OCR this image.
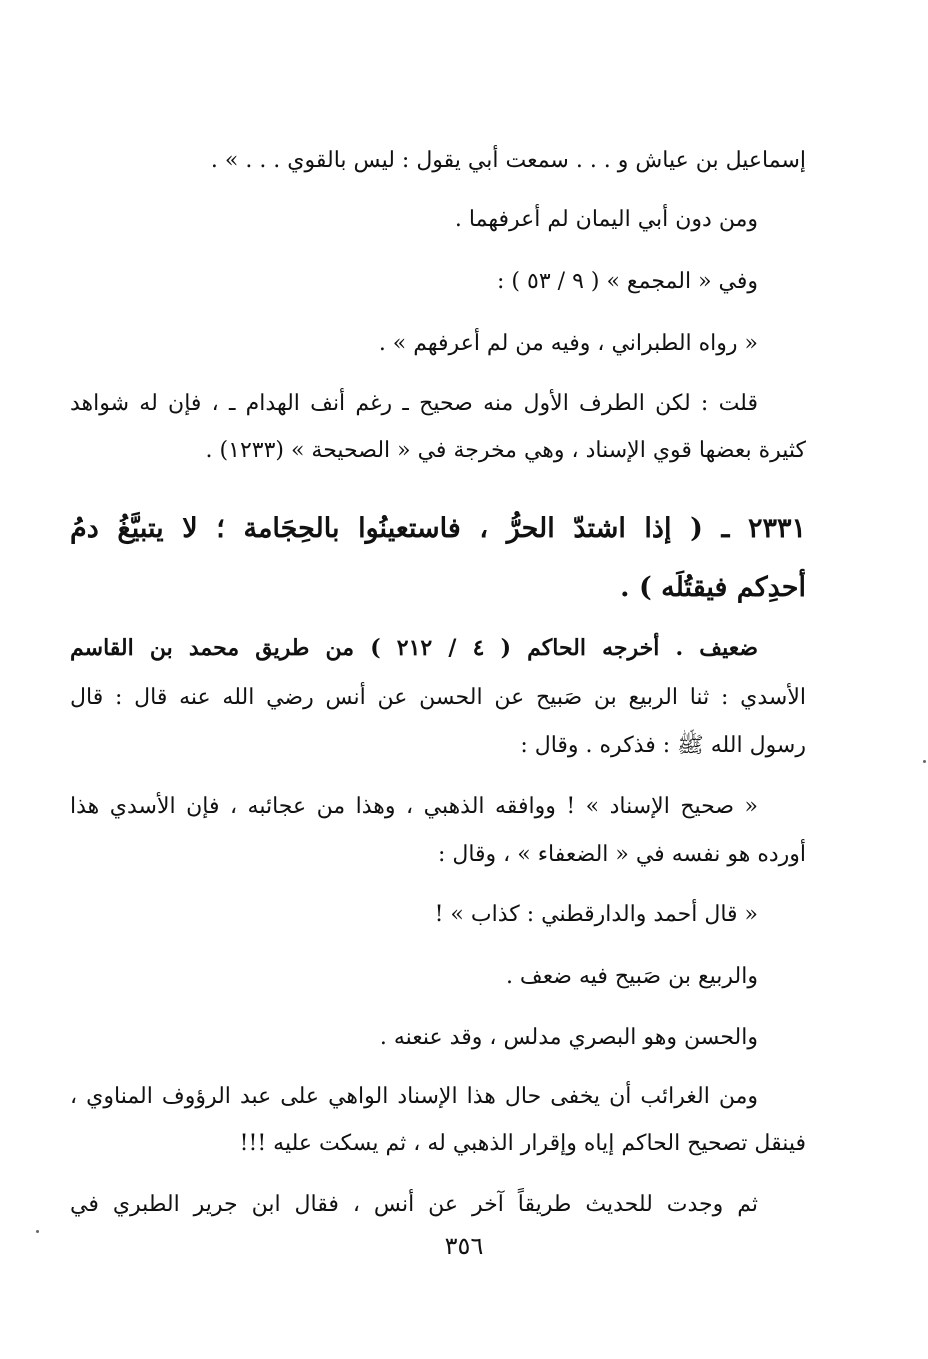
إسماعيل بن عياش و . . . سمعت أبي يقول : ليس بالقوي . . . » .
ومن دون أبي اليمان لم أعرفهما .
وفي « المجمع » ( ٩ / ٥٣ ) :
« رواه الطبراني ، وفيه من لم أعرفهم » .
قلت : لكن الطرف الأول منه صحيح ـ رغم أنف الهدام ـ ، فإن له شواهد
كثيرة بعضها قوي الإسناد ، وهي مخرجة في « الصحيحة » (١٢٣٣) .
٢٣٣١ ـ ( إذا اشتدّ الحرُّ ، فاستعينُوا بالحِجَامة ؛ لا يتبيَّغُ دمُ
أحدِكم فيقتُلَه ) .
ضعيف . أخرجه الحاكم ( ٤ / ٢١٢ ) من طريق محمد بن القاسم
الأسدي : ثنا الربيع بن صَبيح عن الحسن عن أنس رضي الله عنه قال : قال
رسول الله ﷺ : فذكره . وقال :
« صحيح الإسناد » ! ووافقه الذهبي ، وهذا من عجائبه ، فإن الأسدي هذا
أورده هو نفسه في « الضعفاء » ، وقال :
« قال أحمد والدارقطني : كذاب » !
والربيع بن صَبيح فيه ضعف .
والحسن وهو البصري مدلس ، وقد عنعنه .
ومن الغرائب أن يخفى حال هذا الإسناد الواهي على عبد الرؤوف المناوي ،
فينقل تصحيح الحاكم إياه وإقرار الذهبي له ، ثم يسكت عليه !!!
ثم وجدت للحديث طريقاً آخر عن أنس ، فقال ابن جرير الطبري في
٣٥٦
